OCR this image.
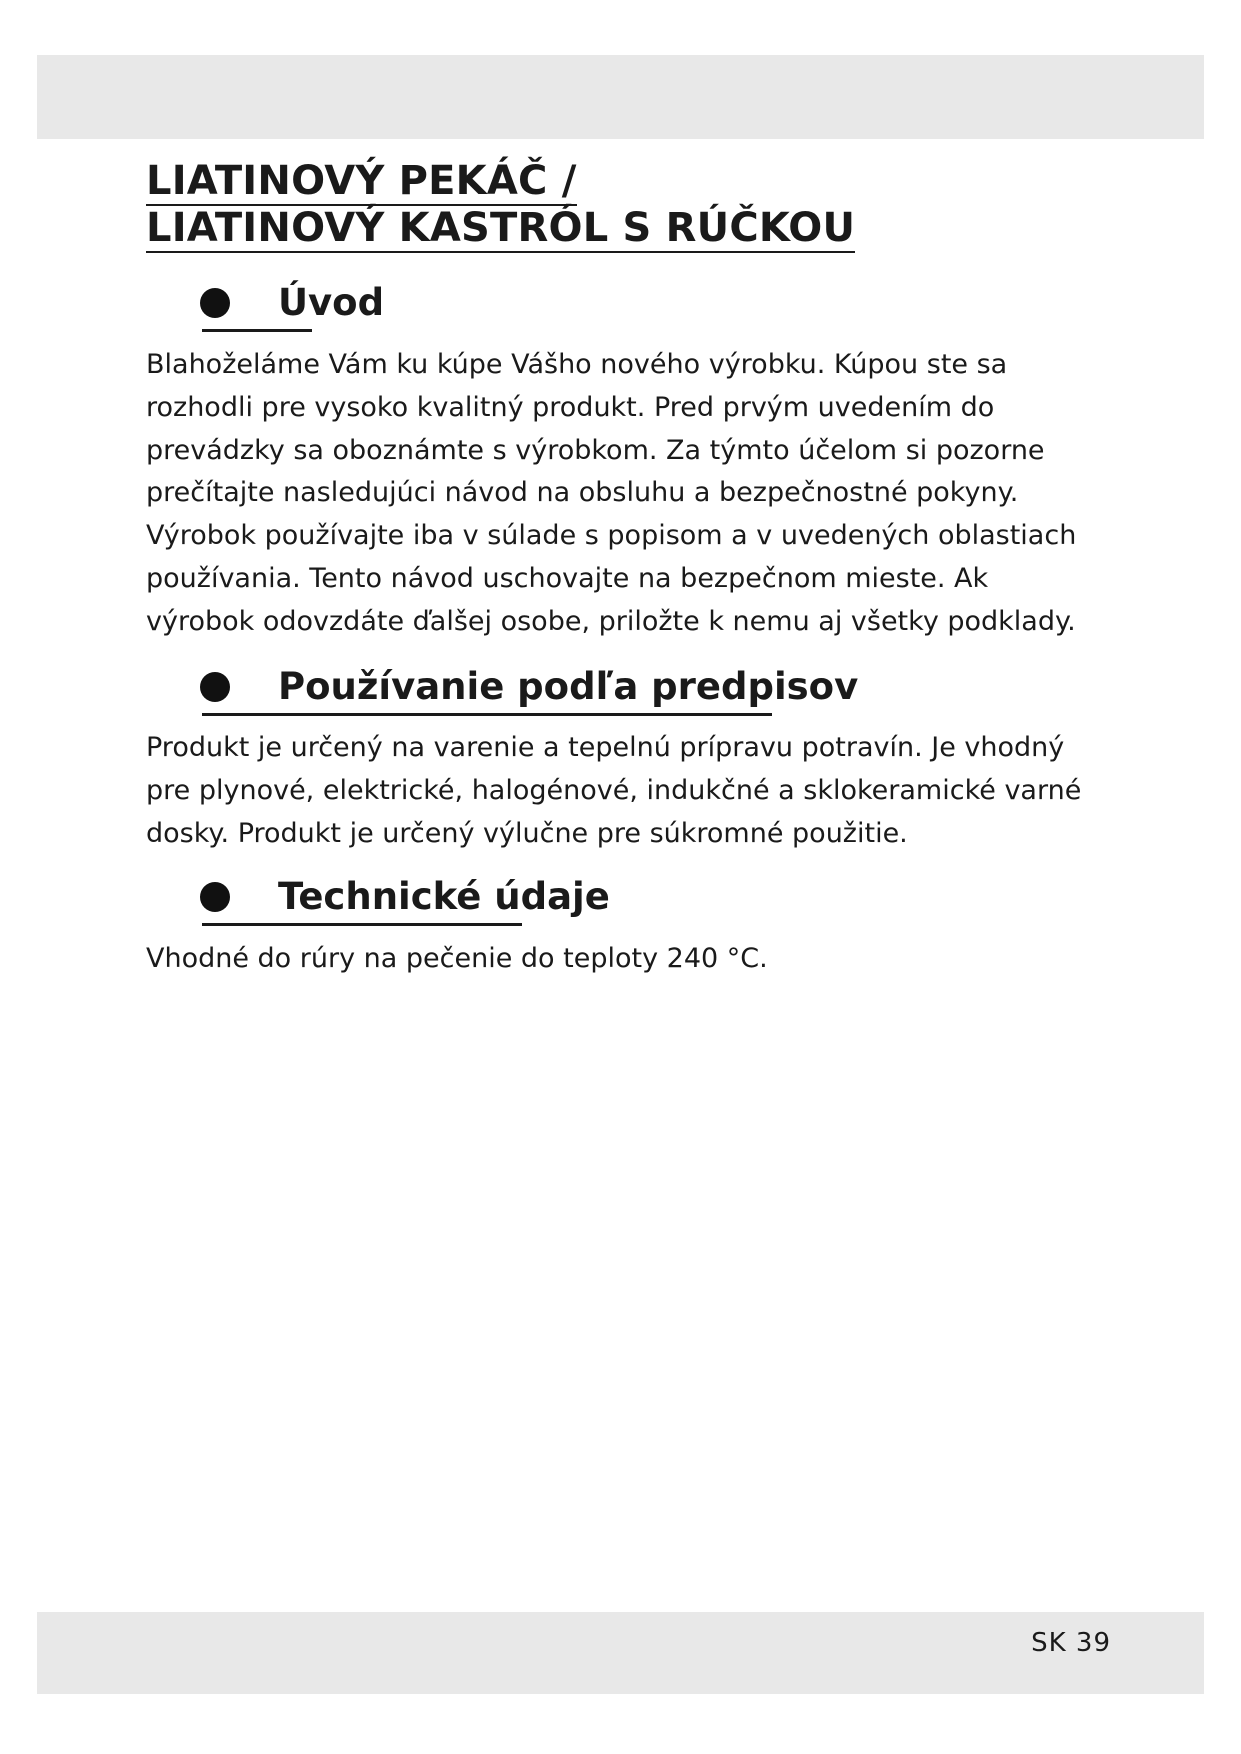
LIATINOVÝ PEKÁČ /
LIATINOVÝ KASTRÓL S RÚČKOU
Úvod

Blahoželáme Vám ku kúpe Vášho nového výrobku. Kúpou ste sa
rozhodli pre vysoko kvalitný produkt. Pred prvým uvedením do
prevádzky sa oboznámte s výrobkom. Za týmto účelom si pozorne
prečítajte nasledujúci návod na obsluhu a bezpečnostné pokyny.
Výrobok používajte iba v súlade s popisom a v uvedených oblastiach
používania. Tento návod uschovajte na bezpečnom mieste. Ak
výrobok odovzdáte ďalšej osobe, priložte k nemu aj všetky podklady.

Používanie podľa predpisov

Produkt je určený na varenie a tepelnú prípravu potravín. Je vhodný
pre plynové, elektrické, halogénové, indukčné a sklokeramické varné
dosky. Produkt je určený výlučne pre súkromné použitie.

Technické údaje

Vhodné do rúry na pečenie do teploty 240 °C.

SK 39
